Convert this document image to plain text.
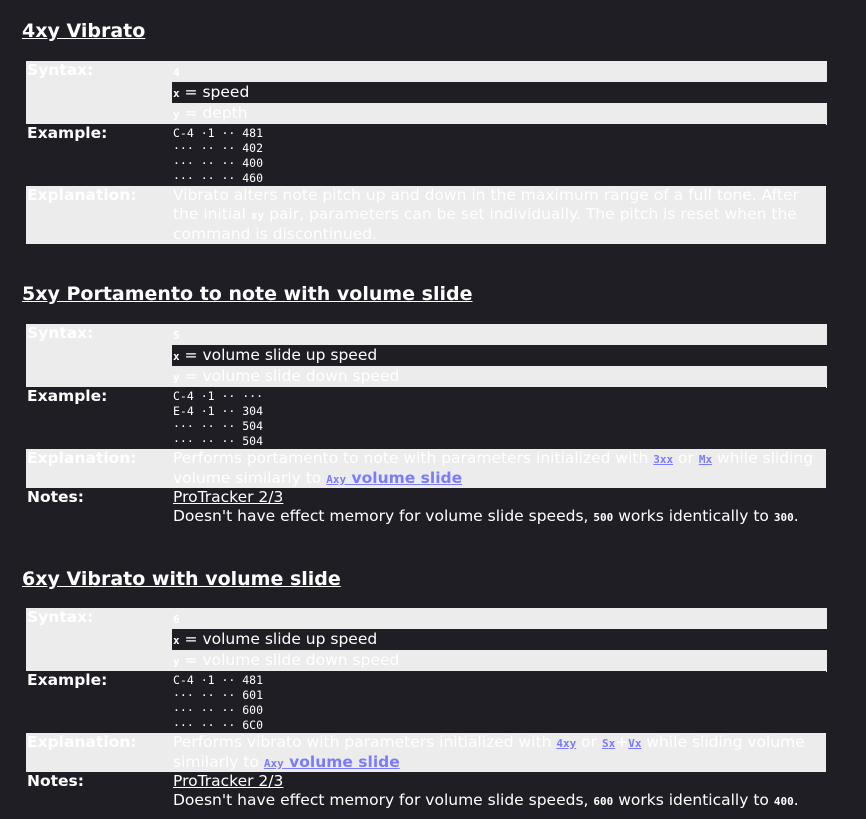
4xy Vibrato
Syntax:	4
x = speed
y = depth
Example:	C-4 ·1 ·· 481
··· ·· ·· 402
··· ·· ·· 400
··· ·· ·· 460
Explanation: Vibrato alters note pitch up and down in the maximum range of a full tone. After the initial xy pair, parameters can be set individually. The pitch is reset when the command is discontinued.
5xy Portamento to note with volume slide
Syntax:	5
x = volume slide up speed
y = volume slide down speed
Example:	C-4 ·1 ·· ···
E-4 ·1 ·· 304
··· ·· ·· 504
··· ·· ·· 504
Explanation: Performs portamento to note with parameters initialized with 3xx or Mx while sliding volume similarly to Axy volume slide
Notes:	ProTracker 2/3
Doesn't have effect memory for volume slide speeds, 500 works identically to 300.
6xy Vibrato with volume slide
Syntax:	6
x = volume slide up speed
y = volume slide down speed
Example:	C-4 ·1 ·· 481
··· ·· ·· 601
··· ·· ·· 600
··· ·· ·· 6C0
Explanation: Performs vibrato with parameters initialized with 4xy or Sx+Vx while sliding volume similarly to Axy volume slide
Notes:	ProTracker 2/3
Doesn't have effect memory for volume slide speeds, 600 works identically to 400.
